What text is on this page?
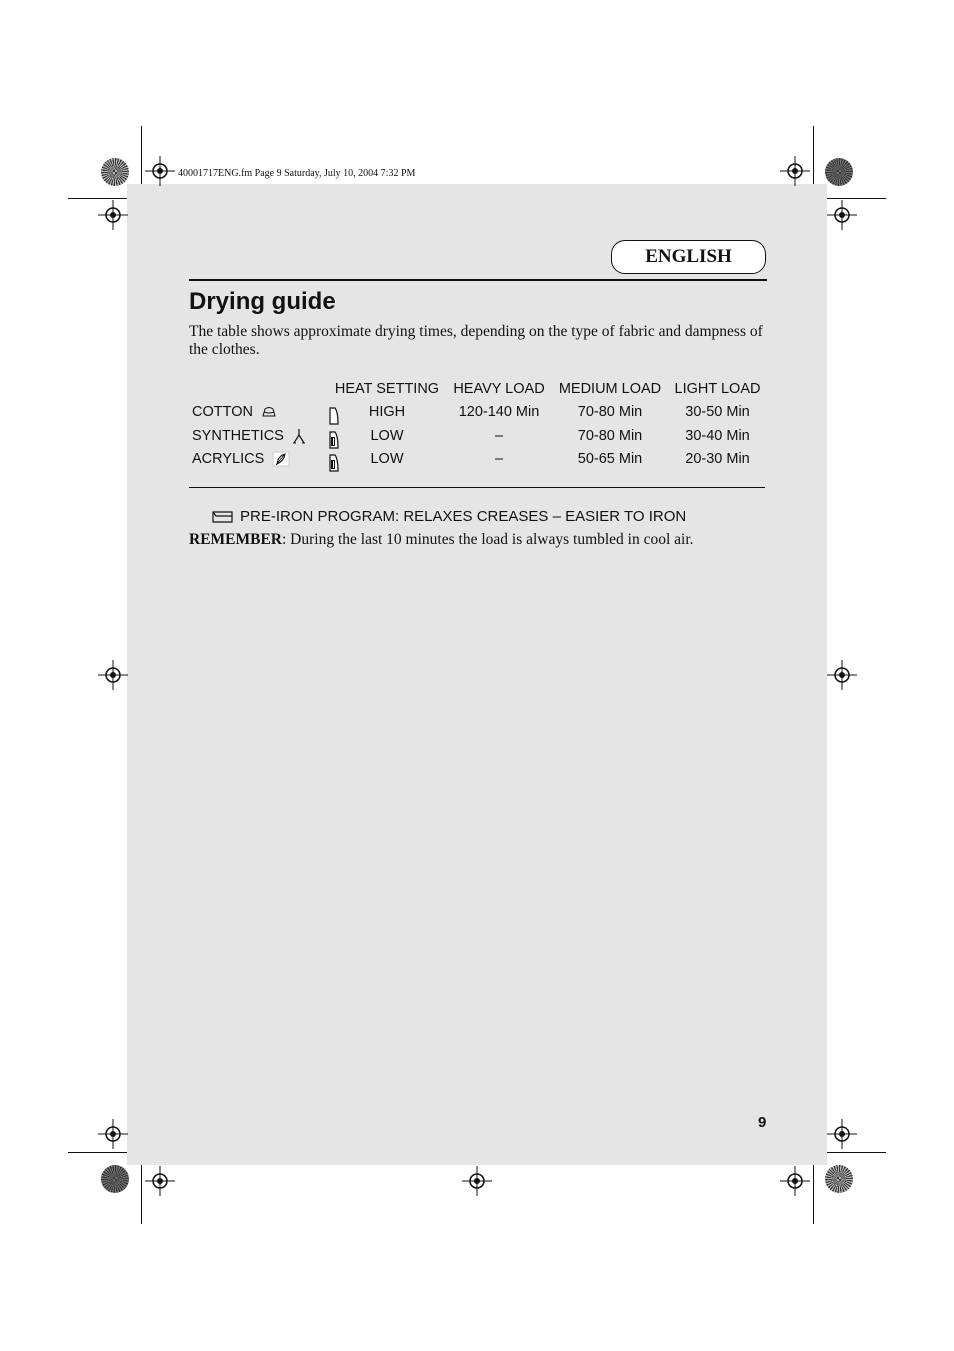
40001717ENG.fm Page 9 Saturday, July 10, 2004 7:32 PM
ENGLISH
Drying guide
The table shows approximate drying times, depending on the type of fabric and dampness of the clothes.
	HEAT SETTING	HEAVY LOAD	MEDIUM LOAD	LIGHT LOAD
COTTON	HIGH	120-140 Min	70-80 Min	30-50 Min
SYNTHETICS	LOW	–	70-80 Min	30-40 Min
ACRYLICS	LOW	–	50-65 Min	20-30 Min
PRE-IRON PROGRAM: RELAXES CREASES – EASIER TO IRON
REMEMBER: During the last 10 minutes the load is always tumbled in cool air.
9
